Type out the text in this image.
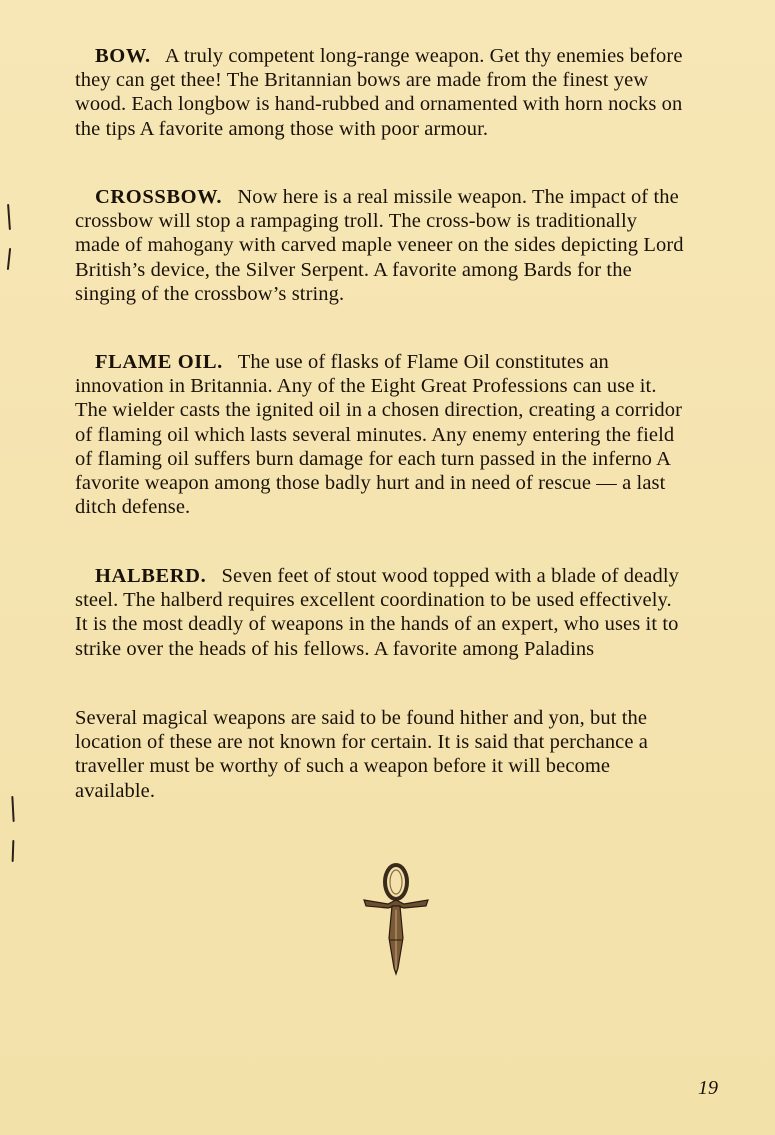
BOW. A truly competent long-range weapon. Get thy enemies before they can get thee! The Britannian bows are made from the finest yew wood. Each longbow is hand-rubbed and ornamented with horn nocks on the tips A favorite among those with poor armour.

CROSSBOW. Now here is a real missile weapon. The impact of the crossbow will stop a rampaging troll. The cross-bow is traditionally made of mahogany with carved maple veneer on the sides depicting Lord British’s device, the Silver Serpent. A favorite among Bards for the singing of the crossbow’s string.

FLAME OIL. The use of flasks of Flame Oil constitutes an innovation in Britannia. Any of the Eight Great Professions can use it. The wielder casts the ignited oil in a chosen direction, creating a corridor of flaming oil which lasts several minutes. Any enemy entering the field of flaming oil suffers burn damage for each turn passed in the inferno A favorite weapon among those badly hurt and in need of rescue — a last ditch defense.

HALBERD. Seven feet of stout wood topped with a blade of deadly steel. The halberd requires excellent coordination to be used effectively. It is the most deadly of weapons in the hands of an expert, who uses it to strike over the heads of his fellows. A favorite among Paladins

Several magical weapons are said to be found hither and yon, but the location of these are not known for certain. It is said that perchance a traveller must be worthy of such a weapon before it will become available.

19
